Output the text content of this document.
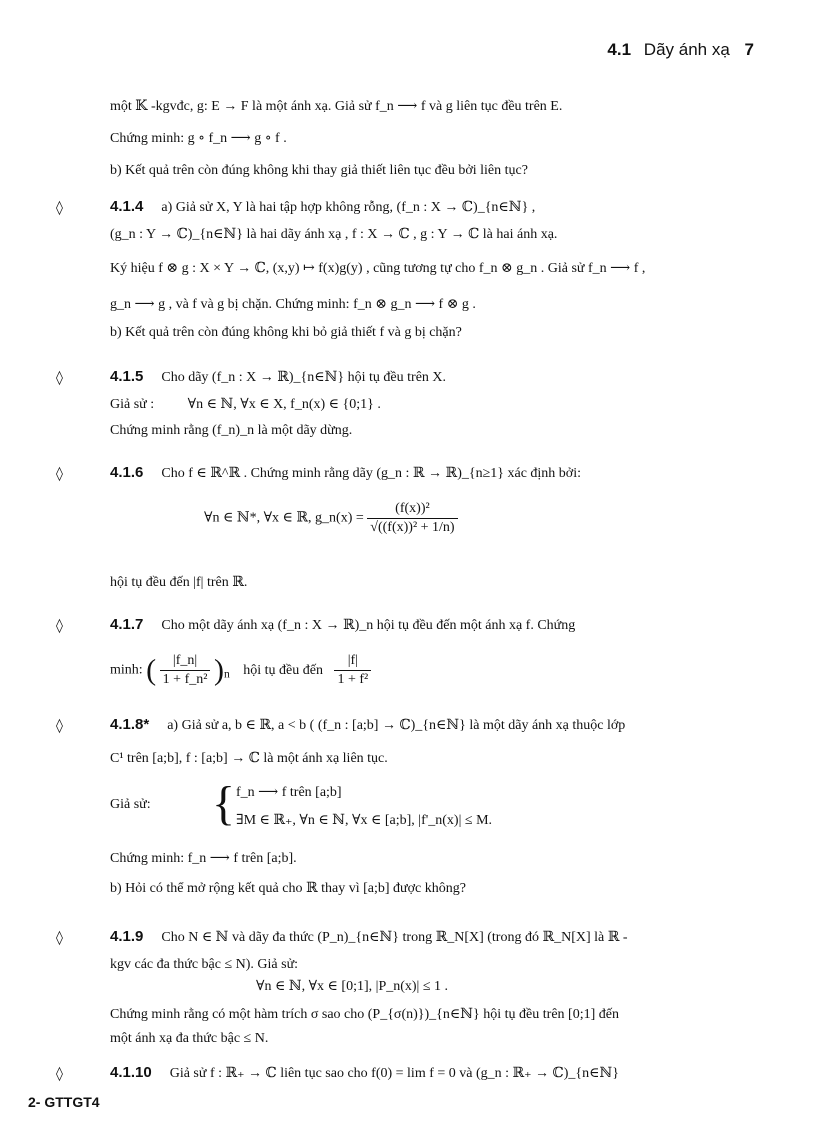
4.1 Dãy ánh xạ 7
một 𝕂 -kgvđc, g: E → F là một ánh xạ. Giả sử f_n ⟶ f và g liên tục đều trên E.
Chứng minh: g ∘ f_n ⟶ g ∘ f .
b) Kết quả trên còn đúng không khi thay giả thiết liên tục đều bởi liên tục?
◊	4.1.4 a) Giả sử X, Y là hai tập hợp không rỗng, (f_n : X → ℂ)_{n∈ℕ} ,
(g_n : Y → ℂ)_{n∈ℕ} là hai dãy ánh xạ , f : X → ℂ , g : Y → ℂ là hai ánh xạ.
Ký hiệu f ⊗ g : X × Y → ℂ, (x,y) ↦ f(x)g(y) , cũng tương tự cho f_n ⊗ g_n . Giả sử f_n ⟶ f ,
g_n ⟶ g , và f và g bị chặn. Chứng minh: f_n ⊗ g_n ⟶ f ⊗ g .
b) Kết quả trên còn đúng không khi bỏ giả thiết f và g bị chặn?
◊	4.1.5 Cho dãy (f_n : X → ℝ)_{n∈ℕ} hội tụ đều trên X.
Giả sử : ∀n ∈ ℕ, ∀x ∈ X, f_n(x) ∈ {0;1} .
Chứng minh rằng (f_n)_n là một dãy dừng.
◊	4.1.6 Cho f ∈ ℝ^ℝ . Chứng minh rằng dãy (g_n : ℝ → ℝ)_{n≥1} xác định bởi:
∀n ∈ ℕ*, ∀x ∈ ℝ, g_n(x) = $\frac{\text{(f(x))²}}{\text{√((f(x))² + 1/n)}}$
hội tụ đều đến |f| trên ℝ.
◊	4.1.7 Cho một dãy ánh xạ (f_n : X → ℝ)_n hội tụ đều đến một ánh xạ f. Chứng
minh: ( $\frac{|f\_n|}{\text{1 + f\_n²}} )_n$ hội tụ đều đến $\frac{|f|}{\text{1 + f²}}$
◊	4.1.8* a) Giả sử a, b ∈ ℝ, a < b ( (f_n : [a;b] → ℂ)_{n∈ℕ} là một dãy ánh xạ thuộc lớp
C¹ trên [a;b], f : [a;b] → ℂ là một ánh xạ liên tục.
Giả sử:	{ f_n ⟶ f trên [a;b]
∃M ∈ ℝ₊, ∀n ∈ ℕ, ∀x ∈ [a;b], |f'_n(x)| ≤ M.
Chứng minh: f_n ⟶ f trên [a;b].
b) Hỏi có thể mở rộng kết quả cho ℝ thay vì [a;b] được không?
◊	4.1.9 Cho N ∈ ℕ và dãy đa thức (P_n)_{n∈ℕ} trong ℝ_N[X] (trong đó ℝ_N[X] là ℝ -
kgv các đa thức bậc ≤ N). Giả sử:
∀n ∈ ℕ, ∀x ∈ [0;1], |P_n(x)| ≤ 1 .
Chứng minh rằng có một hàm trích σ sao cho (P_{σ(n)})_{n∈ℕ} hội tụ đều trên [0;1] đến
một ánh xạ đa thức bậc ≤ N.
◊	4.1.10 Giả sử f : ℝ₊ → ℂ liên tục sao cho f(0) = lim f = 0 và (g_n : ℝ₊ → ℂ)_{n∈ℕ}
2- GTTGT4
